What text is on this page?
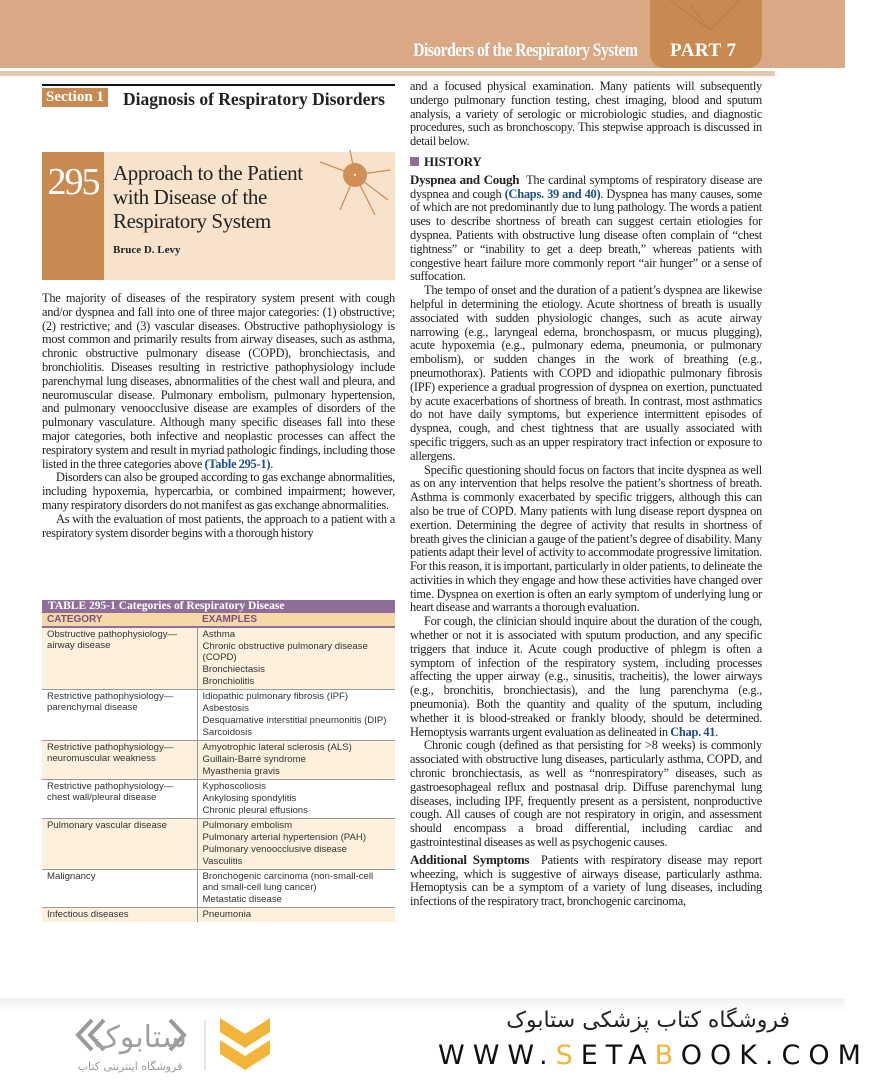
Disorders of the Respiratory System PART 7
Diagnosis of Respiratory Disorders
Section 1
295 Approach to the Patient with Disease of the Respiratory System
Bruce D. Levy

The majority of diseases of the respiratory system present with cough and/or dyspnea and fall into one of three major categories: (1) obstructive; (2) restrictive; and (3) vascular diseases. Obstructive pathophysiology is most common and primarily results from airway diseases, such as asthma, chronic obstructive pulmonary disease (COPD), bronchiectasis, and bronchiolitis. Diseases resulting in restrictive pathophysiology include parenchymal lung diseases, abnormalities of the chest wall and pleura, and neuromuscular disease. Pulmonary embolism, pulmonary hypertension, and pulmonary venoocclusive disease are examples of disorders of the pulmonary vasculature. Although many specific diseases fall into these major categories, both infective and neoplastic processes can affect the respiratory system and result in myriad pathologic findings, including those listed in the three categories above (Table 295-1).

Disorders can also be grouped according to gas exchange abnormalities, including hypoxemia, hypercarbia, or combined impairment; however, many respiratory disorders do not manifest as gas exchange abnormalities.

As with the evaluation of most patients, the approach to a patient with a respiratory system disorder begins with a thorough history

TABLE 295-1 Categories of Respiratory Disease	
CATEGORY	EXAMPLES
Obstructive pathophysiology—airway disease	Asthma
Chronic obstructive pulmonary disease (COPD)
Bronchiectasis
Bronchiolitis

Restrictive pathophysiology—parenchymal disease	Idiopathic pulmonary fibrosis (IPF)
Asbestosis
Desquamative interstitial pneumonitis (DIP)
Sarcoidosis

Restrictive pathophysiology—neuromuscular weakness	Amyotrophic lateral sclerosis (ALS)
Guillain-Barré syndrome
Myasthenia gravis

Restrictive pathophysiology—chest wall/pleural disease	Kyphoscoliosis
Ankylosing spondylitis
Chronic pleural effusions

Pulmonary vascular disease	Pulmonary embolism
Pulmonary arterial hypertension (PAH)
Pulmonary venoocclusive disease
Vasculitis

Malignancy	Bronchogenic carcinoma (non-small-cell and small-cell lung cancer)
Metastatic disease

Infectious diseases	Pneumonia

and a focused physical examination. Many patients will subsequently undergo pulmonary function testing, chest imaging, blood and sputum analysis, a variety of serologic or microbiologic studies, and diagnostic procedures, such as bronchoscopy. This stepwise approach is discussed in detail below.

HISTORY

Dyspnea and Cough  The cardinal symptoms of respiratory disease are dyspnea and cough (Chaps. 39 and 40). Dyspnea has many causes, some of which are not predominantly due to lung pathology. The words a patient uses to describe shortness of breath can suggest certain etiologies for dyspnea. Patients with obstructive lung disease often complain of “chest tightness” or “inability to get a deep breath,” whereas patients with congestive heart failure more commonly report “air hunger” or a sense of suffocation.

The tempo of onset and the duration of a patient’s dyspnea are likewise helpful in determining the etiology. Acute shortness of breath is usually associated with sudden physiologic changes, such as acute airway narrowing (e.g., laryngeal edema, bronchospasm, or mucus plugging), acute hypoxemia (e.g., pulmonary edema, pneumonia, or pulmonary embolism), or sudden changes in the work of breathing (e.g., pneumothorax). Patients with COPD and idiopathic pulmonary fibrosis (IPF) experience a gradual progression of dyspnea on exertion, punctuated by acute exacerbations of shortness of breath. In contrast, most asthmatics do not have daily symptoms, but experience intermittent episodes of dyspnea, cough, and chest tightness that are usually associated with specific triggers, such as an upper respiratory tract infection or exposure to allergens.

Specific questioning should focus on factors that incite dyspnea as well as on any intervention that helps resolve the patient’s shortness of breath. Asthma is commonly exacerbated by specific triggers, although this can also be true of COPD. Many patients with lung disease report dyspnea on exertion. Determining the degree of activity that results in shortness of breath gives the clinician a gauge of the patient’s degree of disability. Many patients adapt their level of activity to accommodate progressive limitation. For this reason, it is important, particularly in older patients, to delineate the activities in which they engage and how these activities have changed over time. Dyspnea on exertion is often an early symptom of underlying lung or heart disease and warrants a thorough evaluation.

For cough, the clinician should inquire about the duration of the cough, whether or not it is associated with sputum production, and any specific triggers that induce it. Acute cough productive of phlegm is often a symptom of infection of the respiratory system, including processes affecting the upper airway (e.g., sinusitis, tracheitis), the lower airways (e.g., bronchitis, bronchiectasis), and the lung parenchyma (e.g., pneumonia). Both the quantity and quality of the sputum, including whether it is blood-streaked or frankly bloody, should be determined. Hemoptysis warrants urgent evaluation as delineated in Chap. 41.

Chronic cough (defined as that persisting for >8 weeks) is commonly associated with obstructive lung diseases, particularly asthma, COPD, and chronic bronchiectasis, as well as “nonrespiratory” diseases, such as gastroesophageal reflux and postnasal drip. Diffuse parenchymal lung diseases, including IPF, frequently present as a persistent, nonproductive cough. All causes of cough are not respiratory in origin, and assessment should encompass a broad differential, including cardiac and gastrointestinal diseases as well as psychogenic causes.

Additional Symptoms  Patients with respiratory disease may report wheezing, which is suggestive of airways disease, particularly asthma. Hemoptysis can be a symptom of a variety of lung diseases, including infections of the respiratory tract, bronchogenic carcinoma,

ستابوک
فروشگاه اینترنتی کتاب
فروشگاه کتاب پزشکی ستابوک
WWW.SETABOOK.COM
